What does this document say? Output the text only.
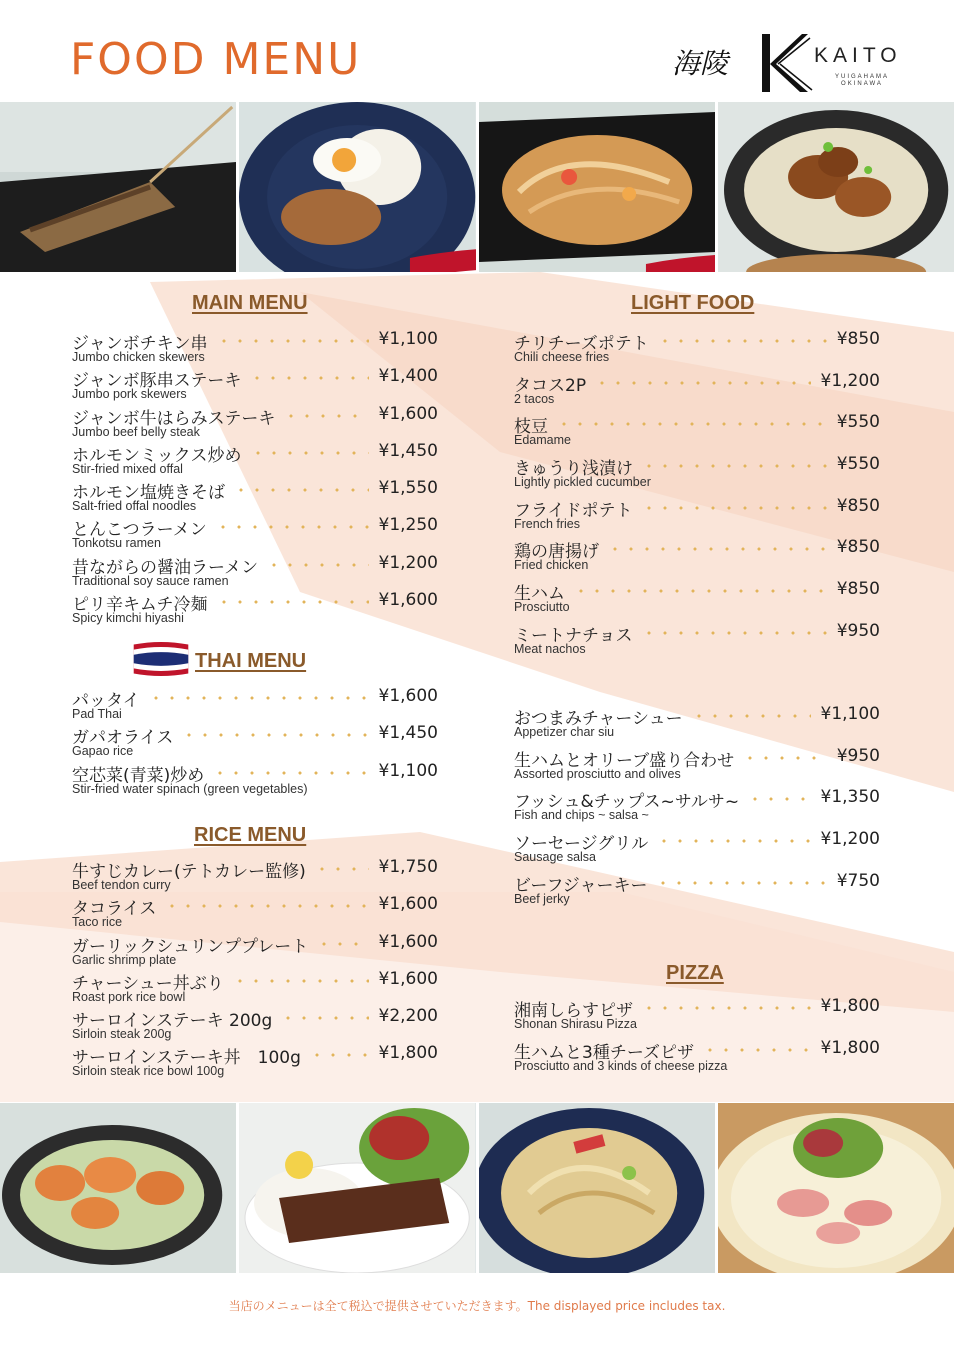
FOOD MENU	海陵	KAITO
YUIGAHAMA
OKINAWA
MAIN MENU
ジャンボチキン串	¥1,100
Jumbo chicken skewers
ジャンボ豚串ステーキ	¥1,400
Jumbo pork skewers
ジャンボ牛はらみステーキ	¥1,600
Jumbo beef belly steak
ホルモンミックス炒め	¥1,450
Stir-fried mixed offal
ホルモン塩焼きそば	¥1,550
Salt-fried offal noodles
とんこつラーメン	¥1,250
Tonkotsu ramen
昔ながらの醤油ラーメン	¥1,200
Traditional soy sauce ramen
ピリ辛キムチ冷麺	¥1,600
Spicy kimchi hiyashi
THAI MENU
パッタイ	¥1,600
Pad Thai
ガパオライス	¥1,450
Gapao rice
空芯菜(青菜)炒め	¥1,100
Stir-fried water spinach (green vegetables)
RICE MENU
牛すじカレー(テトカレー監修)	¥1,750
Beef tendon curry
タコライス	¥1,600
Taco rice
ガーリックシュリンププレート	¥1,600
Garlic shrimp plate
チャーシュー丼ぶり	¥1,600
Roast pork rice bowl
サーロインステーキ 200g	¥2,200
Sirloin steak 200g
サーロインステーキ丼　100g	¥1,800
Sirloin steak rice bowl 100g
LIGHT FOOD
チリチーズポテト	¥850
Chili cheese fries
タコス2P	¥1,200
2 tacos
枝豆	¥550
Edamame
きゅうり浅漬け	¥550
Lightly pickled cucumber
フライドポテト	¥850
French fries
鶏の唐揚げ	¥850
Fried chicken
生ハム	¥850
Prosciutto
ミートナチョス	¥950
Meat nachos
おつまみチャーシュー	¥1,100
Appetizer char siu
生ハムとオリーブ盛り合わせ	¥950
Assorted prosciutto and olives
フッシュ&チップス~サルサ~	¥1,350
Fish and chips ~ salsa ~
ソーセージグリル	¥1,200
Sausage salsa
ビーフジャーキー	¥750
Beef jerky
PIZZA
湘南しらすピザ	¥1,800
Shonan Shirasu Pizza
生ハムと3種チーズピザ	¥1,800
Prosciutto and 3 kinds of cheese pizza
当店のメニューは全て税込で提供させていただきます。The displayed price includes tax.
